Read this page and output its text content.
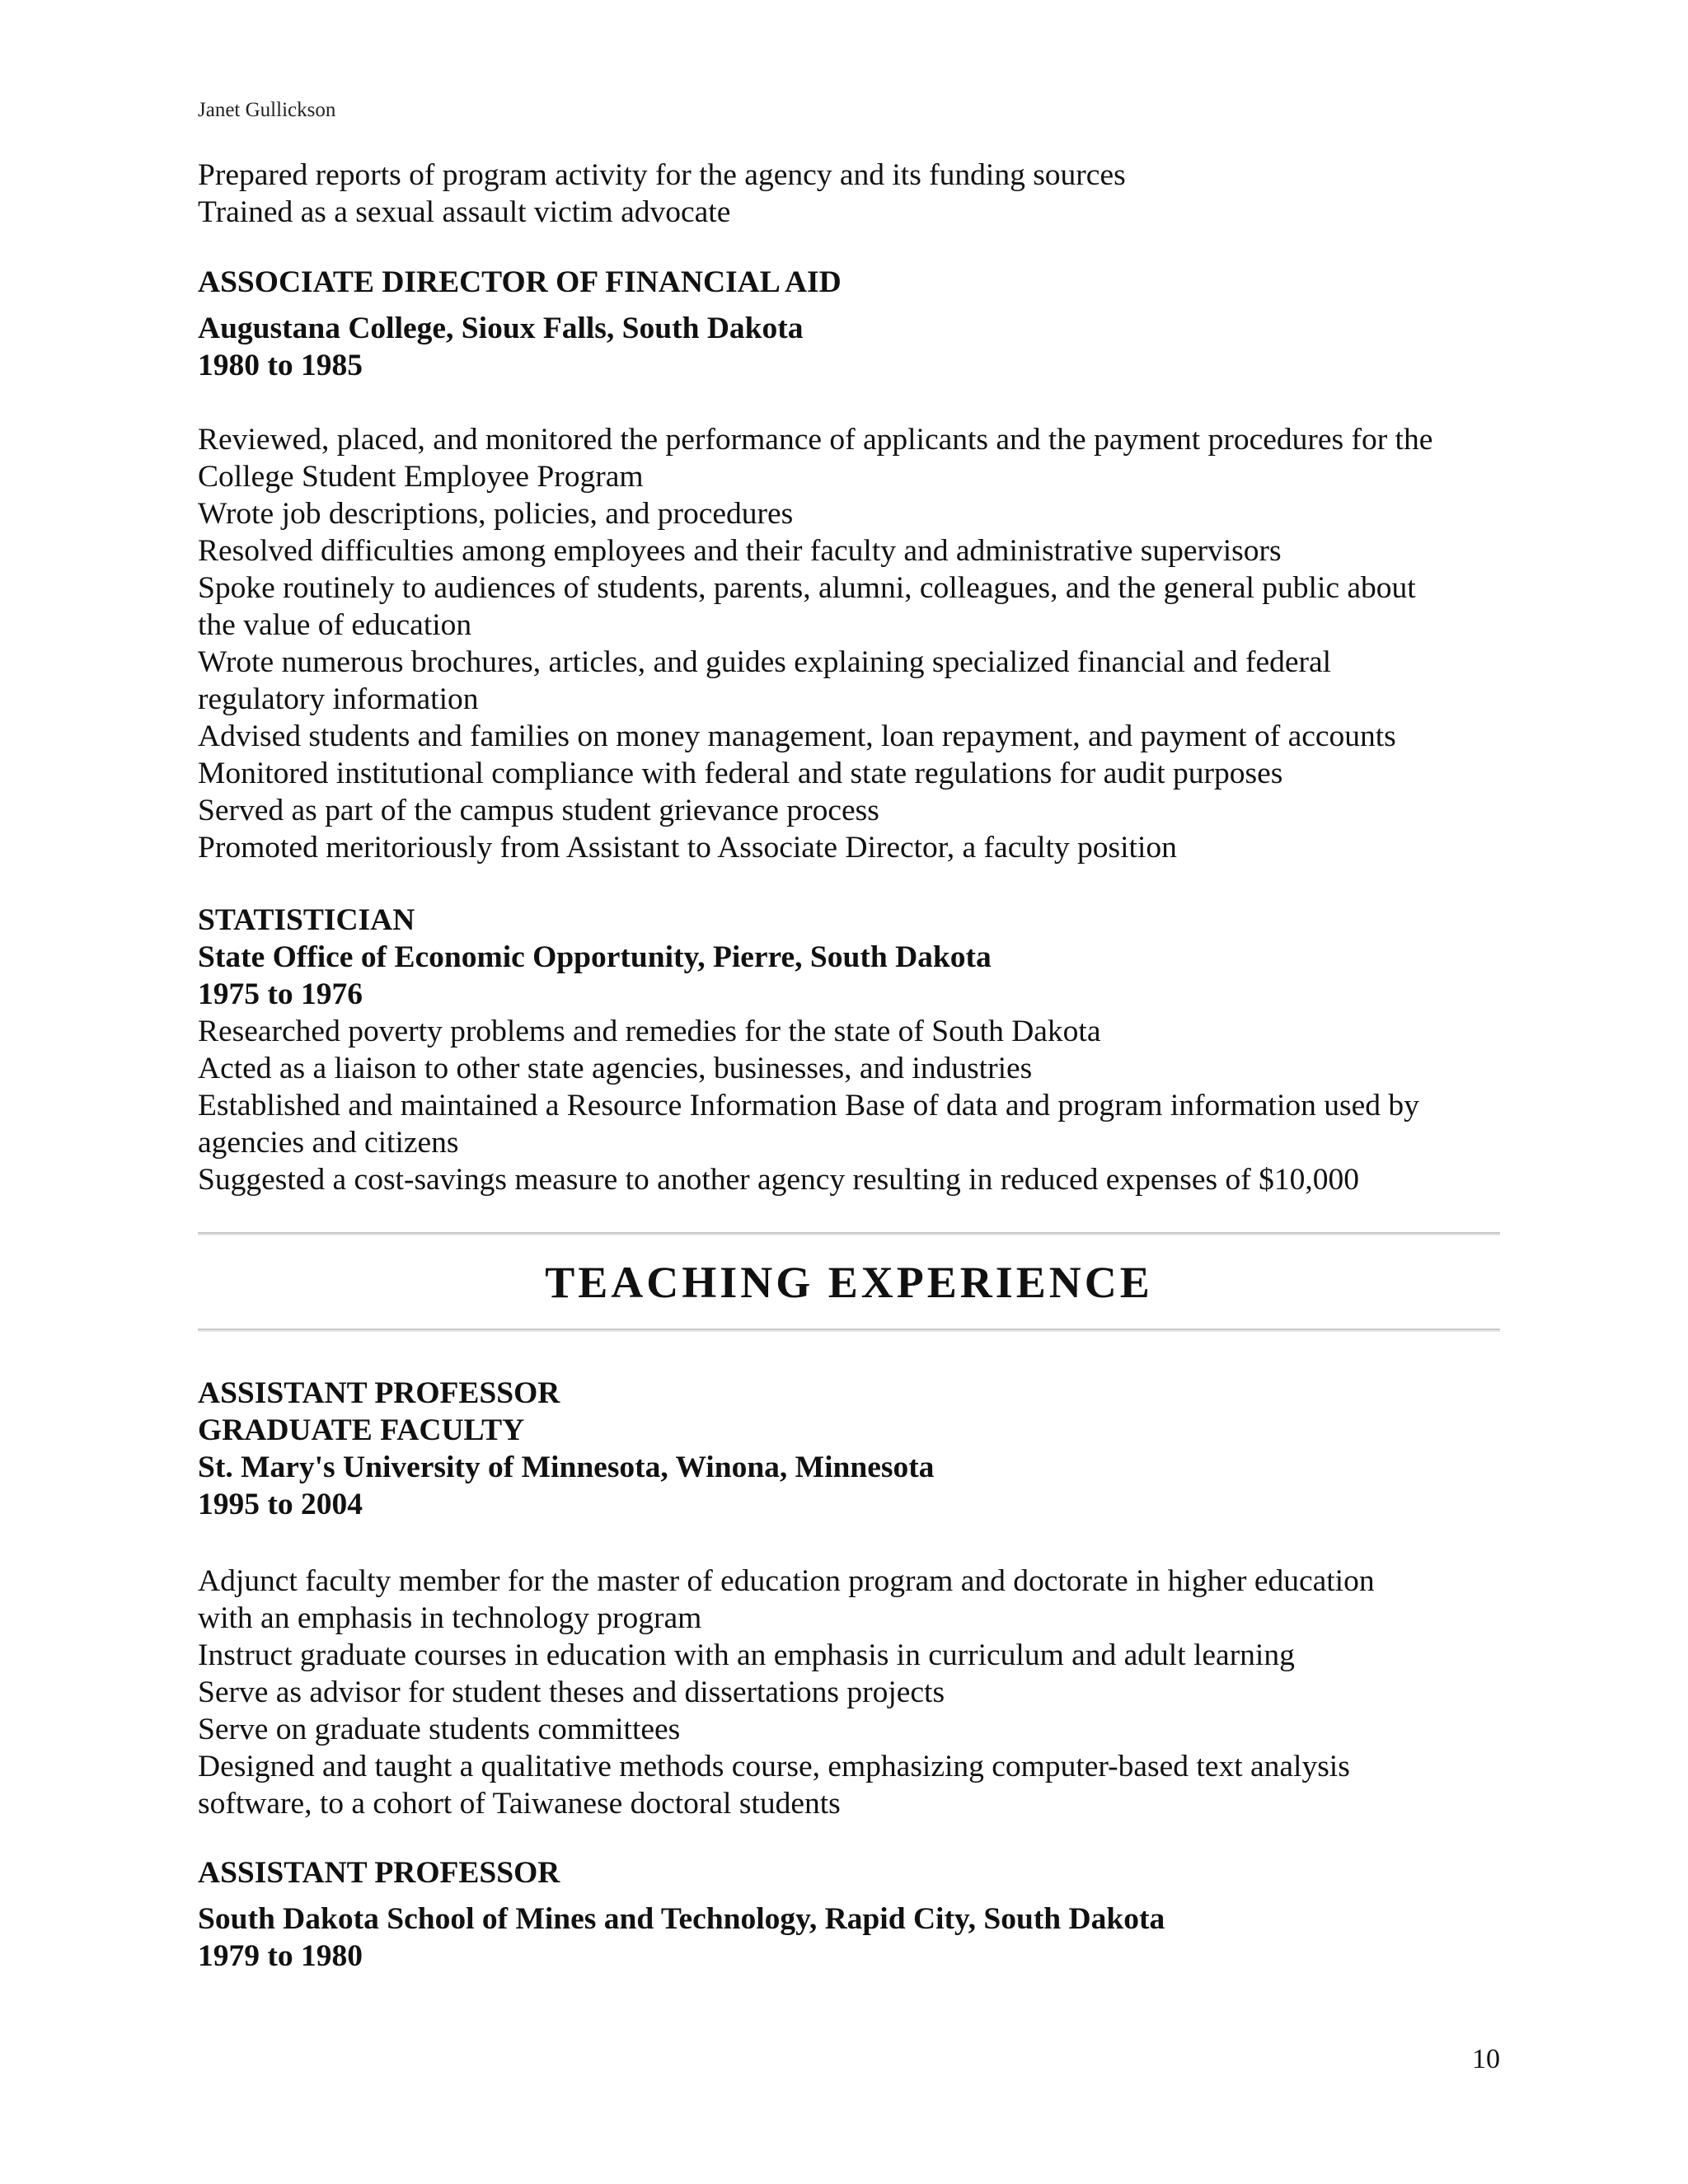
Janet Gullickson

Prepared reports of program activity for the agency and its funding sources

Trained as a sexual assault victim advocate

ASSOCIATE DIRECTOR OF FINANCIAL AID

Augustana College, Sioux Falls, South Dakota

1980 to 1985

Reviewed, placed, and monitored the performance of applicants and the payment procedures for the

College Student Employee Program

Wrote job descriptions, policies, and procedures

Resolved difficulties among employees and their faculty and administrative supervisors

Spoke routinely to audiences of students, parents, alumni, colleagues, and the general public about

the value of education

Wrote numerous brochures, articles, and guides explaining specialized financial and federal

regulatory information

Advised students and families on money management, loan repayment, and payment of accounts

Monitored institutional compliance with federal and state regulations for audit purposes

Served as part of the campus student grievance process

Promoted meritoriously from Assistant to Associate Director, a faculty position

STATISTICIAN

State Office of Economic Opportunity, Pierre, South Dakota

1975 to 1976

Researched poverty problems and remedies for the state of South Dakota

Acted as a liaison to other state agencies, businesses, and industries

Established and maintained a Resource Information Base of data and program information used by

agencies and citizens

Suggested a cost-savings measure to another agency resulting in reduced expenses of $10,000

TEACHING EXPERIENCE

ASSISTANT PROFESSOR

GRADUATE FACULTY

St. Mary's University of Minnesota, Winona, Minnesota

1995 to 2004

Adjunct faculty member for the master of education program and doctorate in higher education

with an emphasis in technology program

Instruct graduate courses in education with an emphasis in curriculum and adult learning

Serve as advisor for student theses and dissertations projects

Serve on graduate students committees

Designed and taught a qualitative methods course, emphasizing computer-based text analysis

software, to a cohort of Taiwanese doctoral students

ASSISTANT PROFESSOR

South Dakota School of Mines and Technology, Rapid City, South Dakota

1979 to 1980

10
